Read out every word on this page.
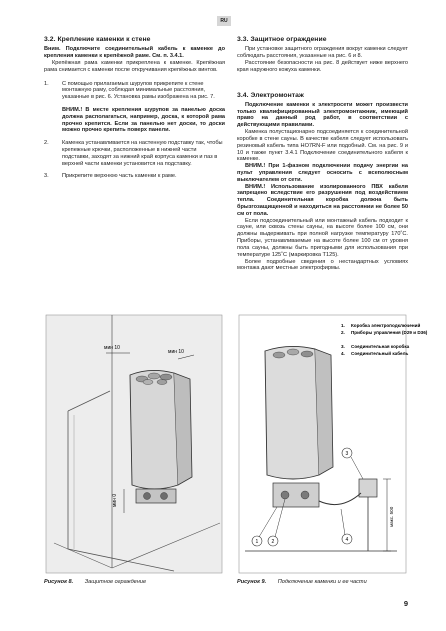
RU
3.2. Крепление каменки к стене

Вним. Подключите соединительный кабель к каменке до крепления каменки к крепёжной раме. См. п. 3.4.1.

Крепёжная рама каменки прикреплена к каменке. Крепёжная рама снимается с каменки после откручивания крепёжных винтов.

1.	С помощью прилагаемых шурупов прикрепите к стене монтажную раму, соблюдая минимальные расстояния, указанные в рис. 6. Установка рамы изображена на рис. 7.

ВНИМ.! В месте крепления шурупов за панелью доска должна располагаться, например, доска, к которой рама прочно крепится. Если за панелью нет доски, то доски можно прочно крепить поверх панели.

2.	Каменка устанавливается на настенную подставку так, чтобы крепежные крючки, расположенные в нижней части подставки, заходят за нижний край корпуса каменки и паз в верхней части каменки установится на подставку.
3.	Прикрепите верхнюю часть каменки к раме.
3.3. Защитное ограждение

При установке защитного ограждения вокруг каменки следует соблюдать расстояния, указанные на рис. 6 и 8.

Расстояние безопасности на рис. 8 действует ниже верхнего края наружного кожуха каменки.

3.4. Электромонтаж

Подключение каменки к электросети может произвести только квалифицированный электромонтажник, имеющий право на данный род работ, в соответствии с действующими правилами.

Каменка полустационарно подсоединяется к соединительной коробке в стене сауны. В качестве кабеля следует использовать резиновый кабель типа HO7RN-F или подобный. См. на рис. 9 и 10 и также пункт 3.4.1 Подключение соединительного кабеля к каменке.

ВНИМ.! При 1-фазном подключении подачу энергии на пульт управления следует осносить с всеполюсным выключателем от сети.

ВНИМ.! Использование изолированного ПВХ кабеля запрещено вследствие его разрушения под воздействием тепла. Соединительная коробка должна быть брызгозащищенной и находиться на расстоянии не более 50 см от пола.

Если подсоединительный или монтажный кабель подходит к сауне, или сквозь стены сауны, на высоте более 100 см, они должны выдерживать при полной нагрузке температуру 170˚С. Приборы, устанавливаемые на высоте более 100 см от уровня пола сауны, должны быть пригодными для использования при температуре 125˚С (маркировка T125).

Более подробные сведения о нестандартных условиях монтажа дают местные электрофирмы.

мин 10
мин 10
мин 0
Рисунок 8. Защитное ограждение
1. Коробка электроподключений
2. Приборы управления (D29 и D36)
3. Соединительная коробка
4. Соединительный кабель
макс. 500
1	2
3
4
Рисунок 9. Подключение каменки и ее части
9
